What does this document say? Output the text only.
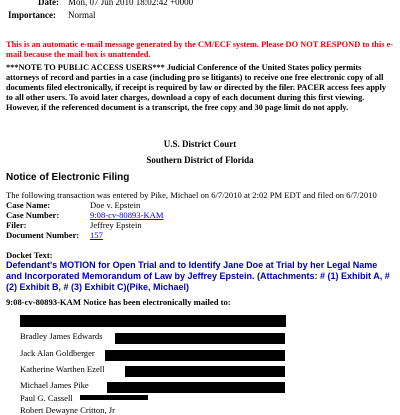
Date: Mon, 07 Jun 2010 18:02:42 +0000
Importance: Normal
This is an automatic e-mail message generated by the CM/ECF system. Please DO NOT RESPOND to this e-mail because the mail box is unattended.
***NOTE TO PUBLIC ACCESS USERS*** Judicial Conference of the United States policy permits attorneys of record and parties in a case (including pro se litigants) to receive one free electronic copy of all documents filed electronically, if receipt is required by law or directed by the filer. PACER access fees apply to all other users. To avoid later charges, download a copy of each document during this first viewing. However, if the referenced document is a transcript, the free copy and 30 page limit do not apply.
U.S. District Court
Southern District of Florida
Notice of Electronic Filing
The following transaction was entered by Pike, Michael on 6/7/2010 at 2:02 PM EDT and filed on 6/7/2010
Case Name:	Doe v. Epstein
Case Number:	9:08-cv-80893-KAM
Filer:	Jeffrey Epstein
Document Number: 157
Docket Text:
Defendant's MOTION for Open Trial and to Identify Jane Doe at Trial by her Legal Name and Incorporated Memorandum of Law by Jeffrey Epstein. (Attachments: # (1) Exhibit A, # (2) Exhibit B, # (3) Exhibit C)(Pike, Michael)
9:08-cv-80893-KAM Notice has been electronically mailed to:
Bradley James Edwards
Jack Alan Goldberger
Katherine Warthen Ezell
Michael James Pike
Paul G. Cassell
Robert Dewayne Critton, Jr
